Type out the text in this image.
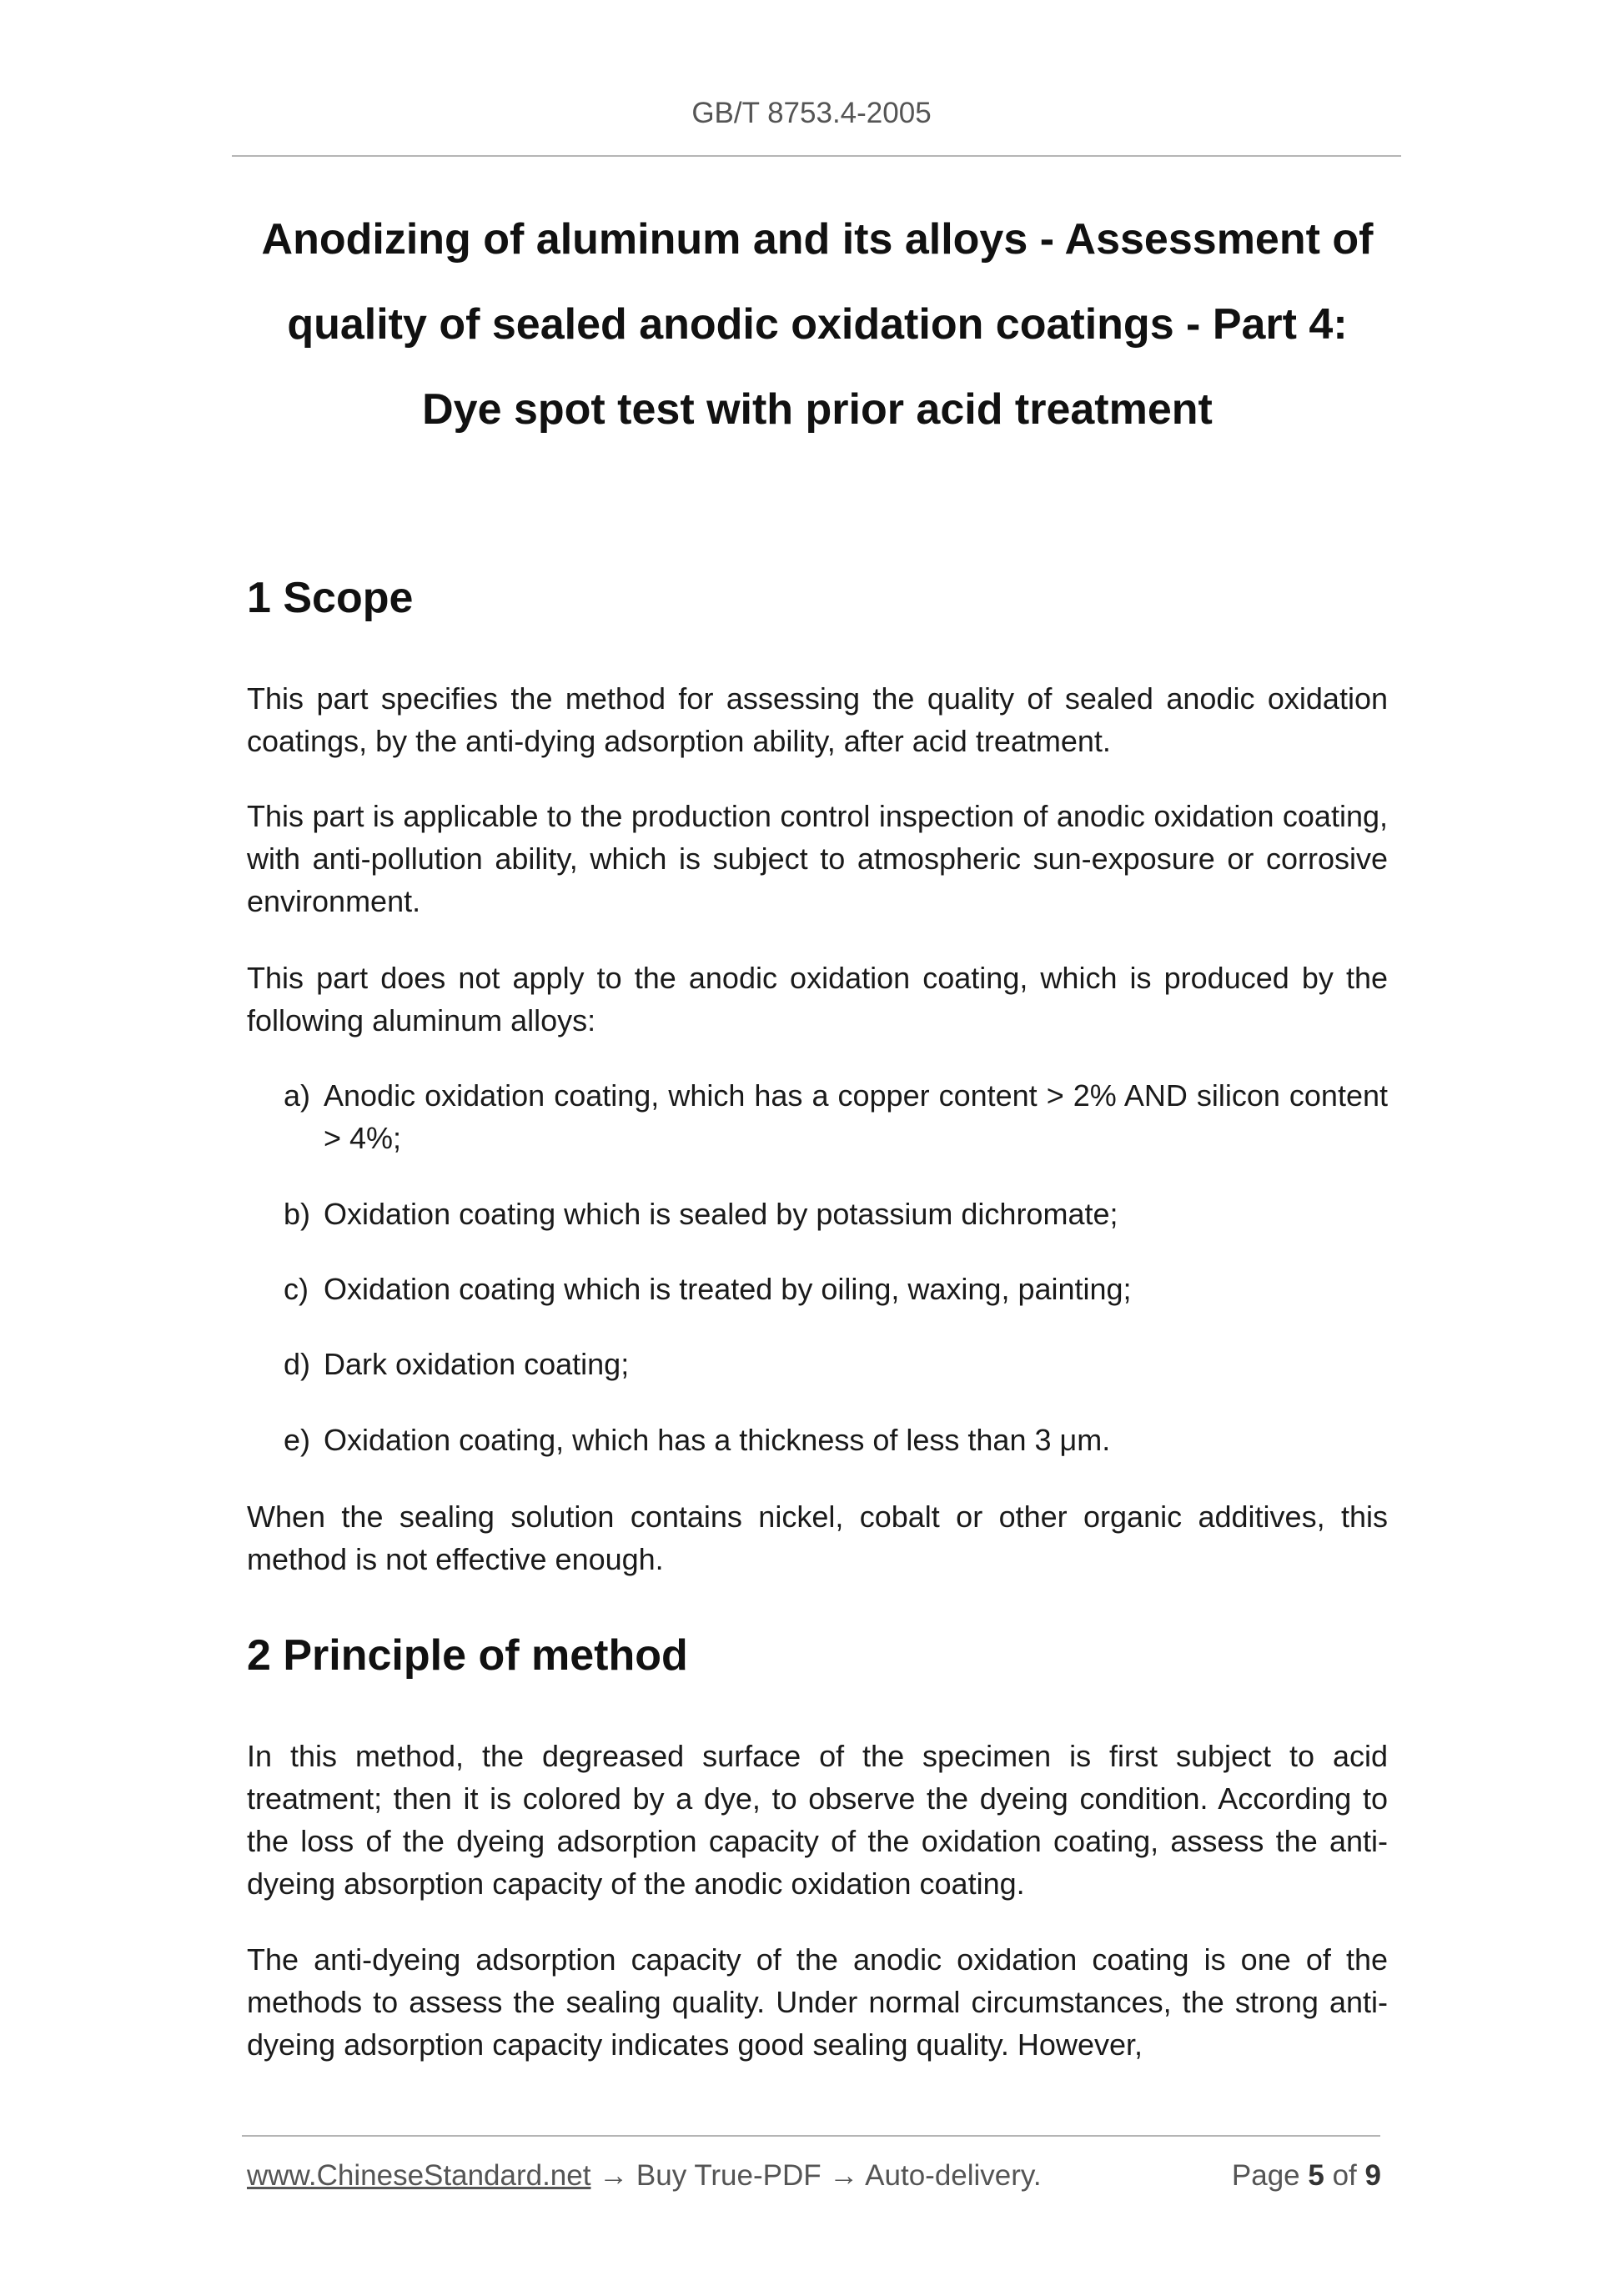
GB/T 8753.4-2005
Anodizing of aluminum and its alloys - Assessment of
quality of sealed anodic oxidation coatings - Part 4:
Dye spot test with prior acid treatment
1 Scope

This part specifies the method for assessing the quality of sealed anodic oxidation coatings, by the anti-dying adsorption ability, after acid treatment.

This part is applicable to the production control inspection of anodic oxidation coating, with anti-pollution ability, which is subject to atmospheric sun-exposure or corrosive environment.

This part does not apply to the anodic oxidation coating, which is produced by the following aluminum alloys:

a) Anodic oxidation coating, which has a copper content > 2% AND silicon content > 4%;
b) Oxidation coating which is sealed by potassium dichromate;
c) Oxidation coating which is treated by oiling, waxing, painting;
d) Dark oxidation coating;
e) Oxidation coating, which has a thickness of less than 3 μm.

When the sealing solution contains nickel, cobalt or other organic additives, this method is not effective enough.

2 Principle of method

In this method, the degreased surface of the specimen is first subject to acid treatment; then it is colored by a dye, to observe the dyeing condition. According to the loss of the dyeing adsorption capacity of the oxidation coating, assess the anti-dyeing absorption capacity of the anodic oxidation coating.

The anti-dyeing adsorption capacity of the anodic oxidation coating is one of the methods to assess the sealing quality. Under normal circumstances, the strong anti-dyeing adsorption capacity indicates good sealing quality. However,

www.ChineseStandard.net → Buy True-PDF → Auto-delivery.	Page 5 of 9
